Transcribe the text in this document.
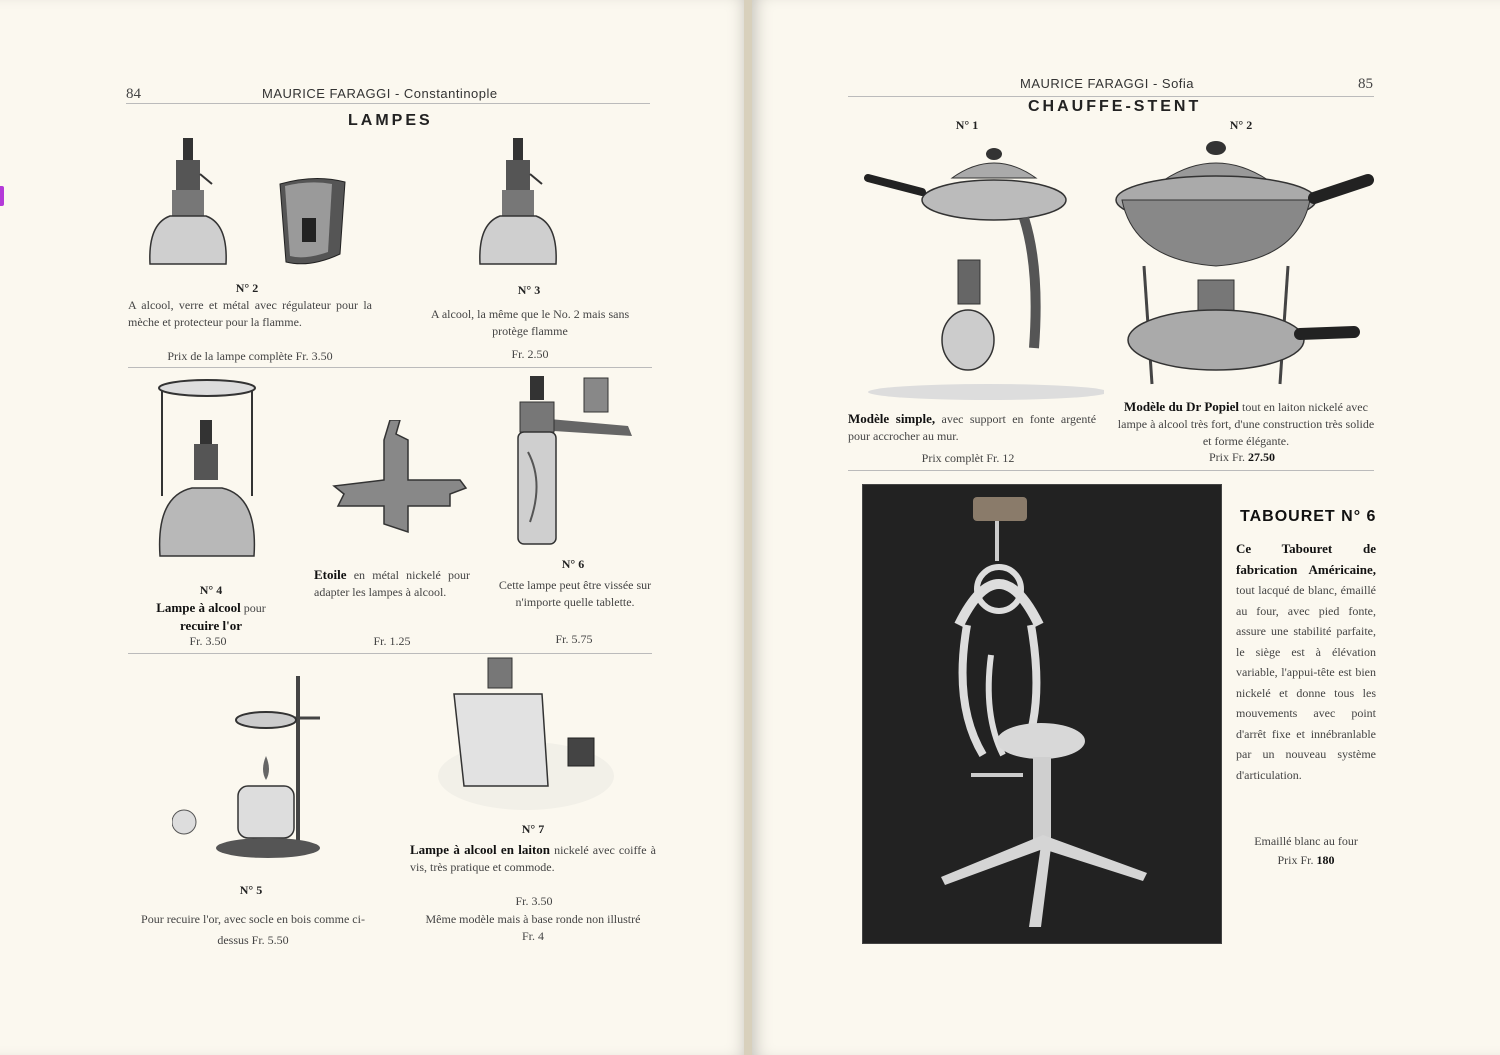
84	MAURICE FARAGGI - Constantinople
LAMPES
N° 2
A alcool, verre et métal avec régulateur pour la mèche et protecteur pour la flamme.
Prix de la lampe complète Fr. 3.50
N° 3
A alcool, la même que le No. 2 mais sans protège flamme
Fr. 2.50
N° 4
Lampe à alcool pour
recuire l'or
Fr. 3.50
Etoile en métal nickelé pour adapter les lampes à alcool.
Fr. 1.25
N° 6
Cette lampe peut être vissée sur n'importe quelle tablette.
Fr. 5.75
N° 5
Pour recuire l'or, avec socle en bois comme ci-dessus Fr. 5.50
N° 7
Lampe à alcool en laiton nickelé avec coiffe à vis, très pratique et commode.
Fr. 3.50
Même modèle mais à base ronde non illustré Fr. 4
MAURICE FARAGGI - Sofia	85
CHAUFFE-STENT
N° 1	N° 2
Modèle simple, avec support en fonte argenté pour accrocher au mur.
Prix complèt Fr. 12
Modèle du Dr Popiel tout en laiton nickelé avec lampe à alcool très fort, d'une construction très solide et forme élégante.
Prix Fr. 27.50
TABOURET N° 6
Ce Tabouret de fabrication Américaine, tout lacqué de blanc, émaillé au four, avec pied fonte, assure une stabilité parfaite, le siège est à élévation variable, l'appui-tête est bien nickelé et donne tous les mouvements avec point d'arrêt fixe et innébranlable par un nouveau système d'articulation.
Emaillé blanc au four
Prix Fr. 180
